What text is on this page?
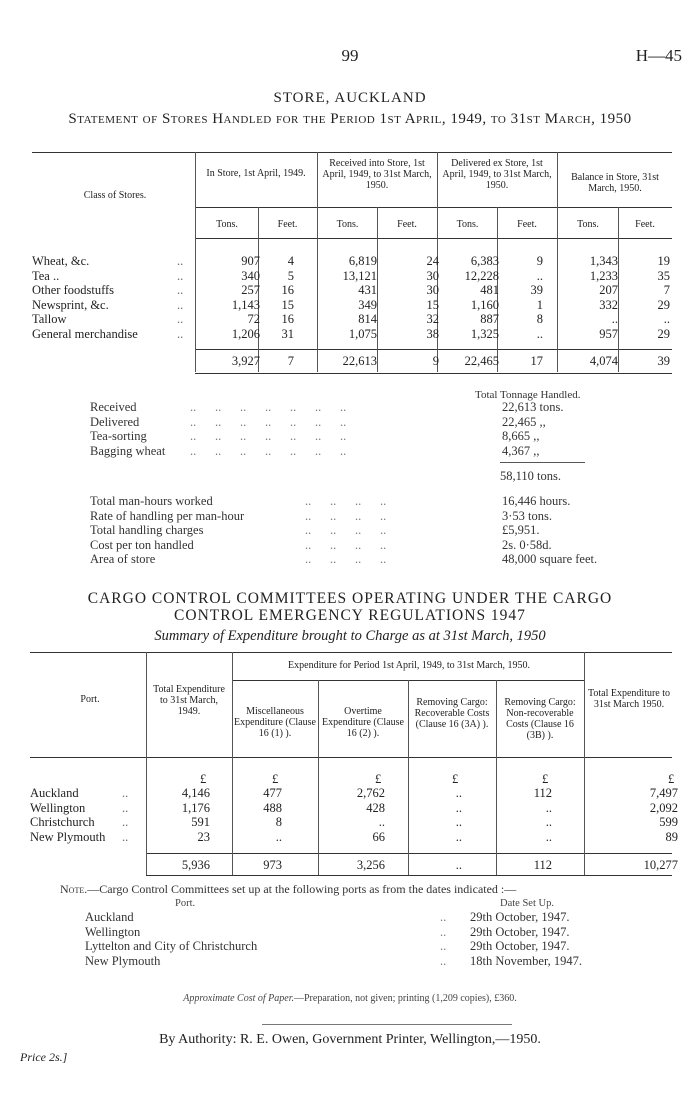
99	H—45
STORE, AUCKLAND
Statement of Stores Handled for the Period 1st April, 1949, to 31st March, 1950
Class of Stores.
In Store, 1st April, 1949.
Received into Store, 1st April, 1949, to 31st March, 1950.
Delivered ex Store, 1st April, 1949, to 31st March, 1950.
Balance in Store, 31st March, 1950.
Tons.	Feet.	Tons.	Feet.	Tons.	Feet.	Tons.	Feet.
Wheat, &c.	..	907 4	6,819	24	6,383	9	1,343	19
Tea ..	..	340 5	13,121	30 12,228	..	1,233	35
Other foodstuffs	..	257 16	431	30	481	39	207	7
Newsprint, &c.	..	1,143 15	349	15	1,160	1	332	29
Tallow	..	72 16	814	32	887	8	..	..
General merchandise	..	1,206 31	1,075	38	1,325	..	957	29
3,927 7	22,613	9 22,465	17	4,074	39
Total Tonnage Handled.
Received	..      ..      ..      ..      ..      ..      ..	22,613 tons.
Delivered	..      ..      ..      ..      ..      ..      ..	22,465 ,,
Tea-sorting	..      ..      ..      ..      ..      ..      ..	8,665 ,,
Bagging wheat ..      ..      ..      ..      ..      ..      ..	4,367 ,,
58,110 tons.
Total man-hours worked	..      ..      ..      ..	16,446 hours.
Rate of handling per man-hour	..      ..      ..      ..	3·53 tons.
Total handling charges	..      ..      ..      ..	£5,951.
Cost per ton handled	..      ..      ..      ..	2s. 0·58d.
Area of store	..      ..      ..      ..	48,000 square feet.
CARGO CONTROL COMMITTEES OPERATING UNDER THE CARGO
CONTROL EMERGENCY REGULATIONS 1947
Summary of Expenditure brought to Charge as at 31st March, 1950
Port.
Total Expenditure to 31st March, 1949.
Expenditure for Period 1st April, 1949, to 31st March, 1950.
Miscellaneous Expenditure (Clause 16 (1) ).
Overtime Expenditure (Clause 16 (2) ).
Removing Cargo: Recoverable Costs (Clause 16 (3A) ).
Removing Cargo: Non-recoverable Costs (Clause 16 (3B) ).
Total Expenditure to 31st March 1950.
£	£	£	£	£	£
Auckland	..	4,146	477	2,762	..	112	7,497
Wellington	..	1,176	488	428	..	..	2,092
Christchurch ..	591	8	..	..	..	599
New Plymouth ..	23	..	66	..	..	89
5,936	973	3,256	..	112	10,277
Note.—Cargo Control Committees set up at the following ports as from the dates indicated :—
Port.	Date Set Up.
Auckland	.. 29th October, 1947.
Wellington	.. 29th October, 1947.
Lyttelton and City of Christchurch	.. 29th October, 1947.
New Plymouth	.. 18th November, 1947.
Approximate Cost of Paper.—Preparation, not given; printing (1,209 copies), £360.
By Authority: R. E. Owen, Government Printer, Wellington,—1950.
Price 2s.]
